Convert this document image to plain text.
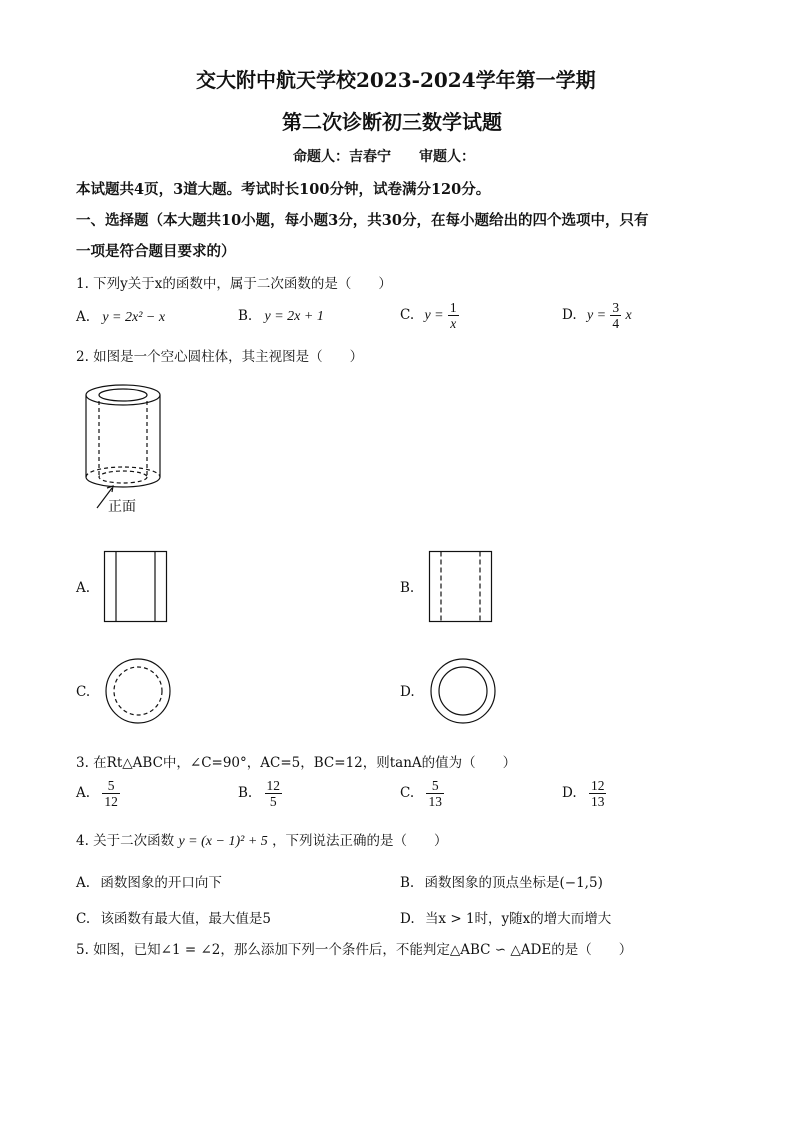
交大附中航天学校2023-2024学年第一学期
第二次诊断初三数学试题
命题人：吉春宁　　审题人：
本试题共4页，3道大题。考试时长100分钟，试卷满分120分。
一、选择题（本大题共10小题，每小题3分，共30分，在每小题给出的四个选项中，只有
一项是符合题目要求的）
1. 下列y关于x的函数中，属于二次函数的是（　　）
A. y = 2x² − x	B. y = 2x + 1	C. $y = \frac{1}{x}$	D. $y = \frac{3}{4}$ x
2. 如图是一个空心圆柱体，其主视图是（　　）
正面
A.	B.
C.	D.
3. 在Rt△ABC中，∠C=90°，AC=5，BC=12，则tanA的值为（　　）
A. $\frac{5}{12}$	B. $\frac{12}{5}$	C. $\frac{5}{13}$	D. $\frac{12}{13}$
4. 关于二次函数 y = (x − 1)² + 5 ，下列说法正确的是（　　）
A. 函数图象的开口向下	B. 函数图象的顶点坐标是(−1,5)
C. 该函数有最大值，最大值是5	D. 当x > 1时，y随x的增大而增大
5. 如图，已知∠1 = ∠2，那么添加下列一个条件后，不能判定△ABC ∽ △ADE的是（　　）
